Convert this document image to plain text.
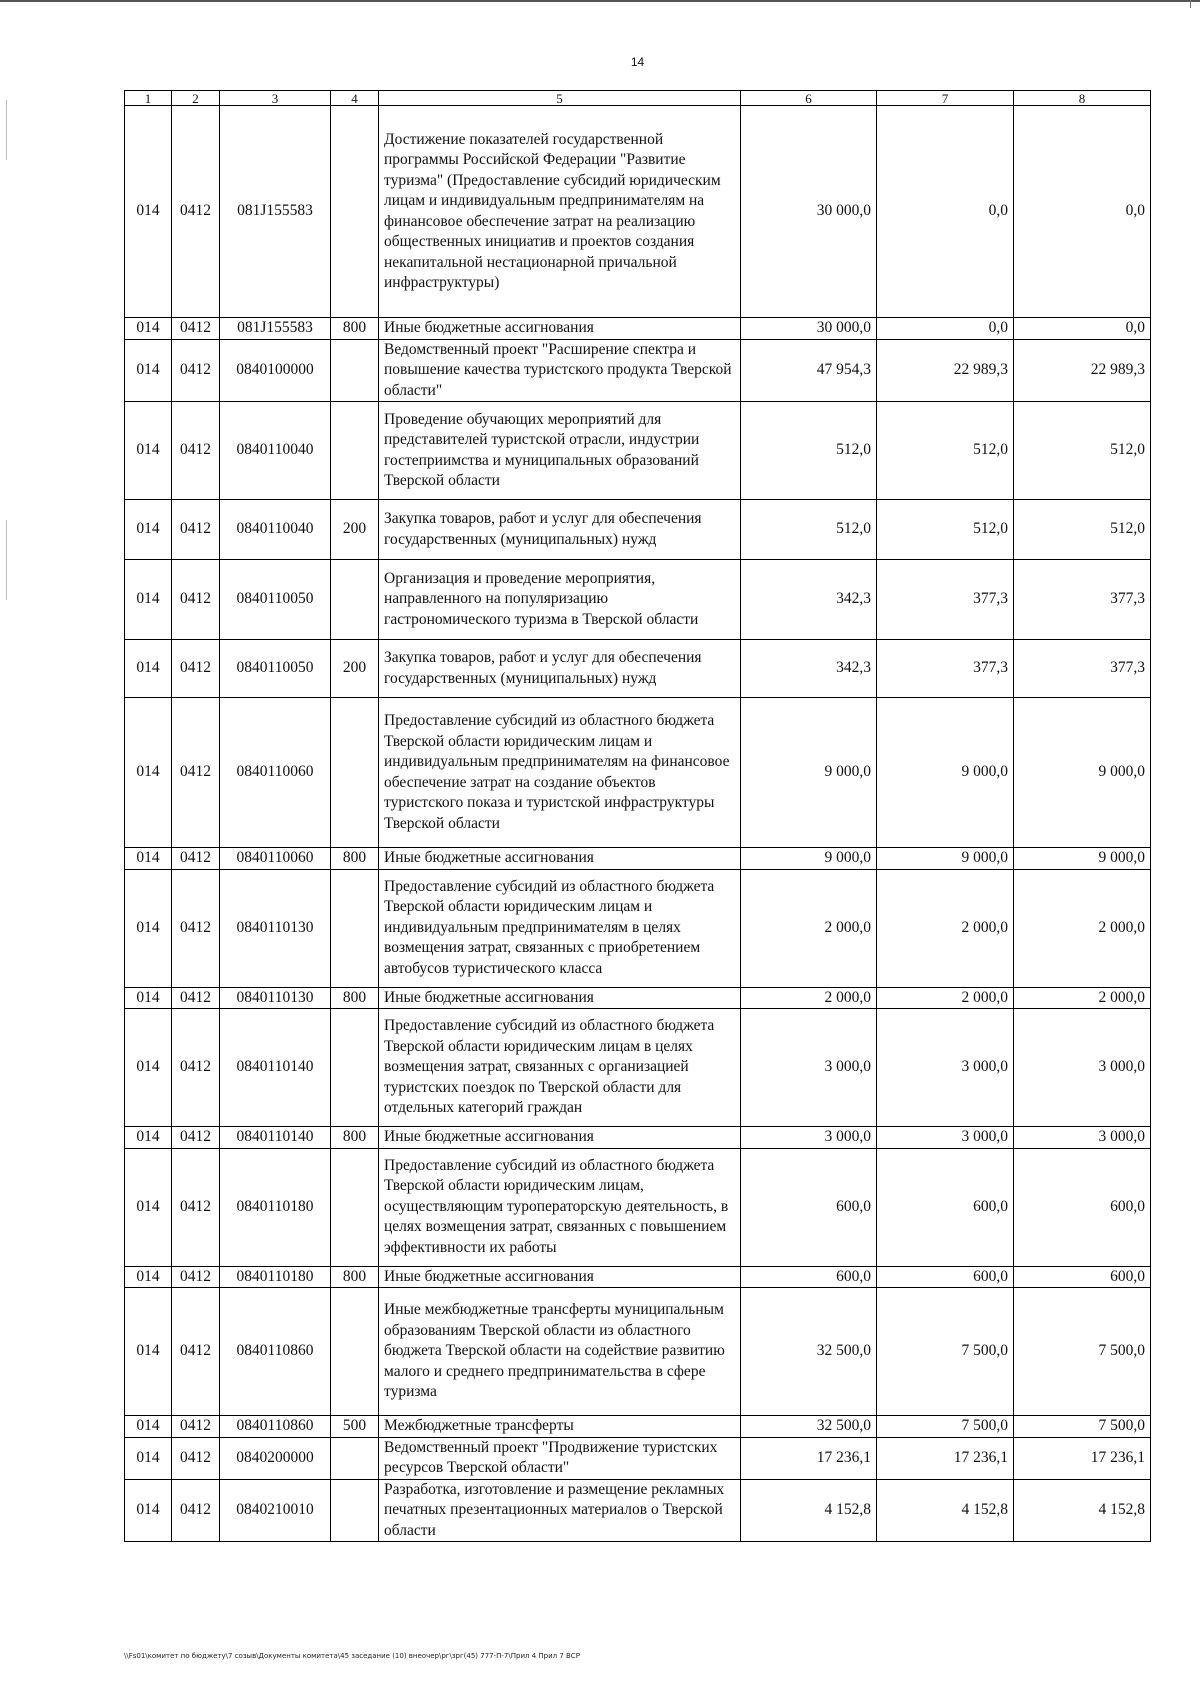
14
1	2	3	4	5	6	7	8
014	0412	081J155583		Достижение показателей государственной программы Российской Федерации "Развитие туризма" (Предоставление субсидий юридическим лицам и индивидуальным предпринимателям на финансовое обеспечение затрат на реализацию общественных инициатив и проектов создания некапитальной нестационарной причальной инфраструктуры)	30 000,0	0,0	0,0
014	0412	081J155583	800	Иные бюджетные ассигнования	30 000,0	0,0	0,0
014	0412	0840100000		Ведомственный проект "Расширение спектра и повышение качества туристского продукта Тверской области"	47 954,3	22 989,3	22 989,3
014	0412	0840110040		Проведение обучающих мероприятий для представителей туристской отрасли, индустрии гостеприимства и муниципальных образований Тверской области	512,0	512,0	512,0
014	0412	0840110040	200	Закупка товаров, работ и услуг для обеспечения государственных (муниципальных) нужд	512,0	512,0	512,0
014	0412	0840110050		Организация и проведение мероприятия, направленного на популяризацию гастрономического туризма в Тверской области	342,3	377,3	377,3
014	0412	0840110050	200	Закупка товаров, работ и услуг для обеспечения государственных (муниципальных) нужд	342,3	377,3	377,3
014	0412	0840110060		Предоставление субсидий из областного бюджета Тверской области юридическим лицам и индивидуальным предпринимателям на финансовое обеспечение затрат на создание объектов туристского показа и туристской инфраструктуры Тверской области	9 000,0	9 000,0	9 000,0
014	0412	0840110060	800	Иные бюджетные ассигнования	9 000,0	9 000,0	9 000,0
014	0412	0840110130		Предоставление субсидий из областного бюджета Тверской области юридическим лицам и индивидуальным предпринимателям в целях возмещения затрат, связанных с приобретением автобусов туристического класса	2 000,0	2 000,0	2 000,0
014	0412	0840110130	800	Иные бюджетные ассигнования	2 000,0	2 000,0	2 000,0
014	0412	0840110140		Предоставление субсидий из областного бюджета Тверской области юридическим лицам в целях возмещения затрат, связанных с организацией туристских поездок по Тверской области для отдельных категорий граждан	3 000,0	3 000,0	3 000,0
014	0412	0840110140	800	Иные бюджетные ассигнования	3 000,0	3 000,0	3 000,0
014	0412	0840110180		Предоставление субсидий из областного бюджета Тверской области юридическим лицам, осуществляющим туроператорскую деятельность, в целях возмещения затрат, связанных с повышением эффективности их работы	600,0	600,0	600,0
014	0412	0840110180	800	Иные бюджетные ассигнования	600,0	600,0	600,0
014	0412	0840110860		Иные межбюджетные трансферты муниципальным образованиям Тверской области из областного бюджета Тверской области на содействие развитию малого и среднего предпринимательства в сфере туризма	32 500,0	7 500,0	7 500,0
014	0412	0840110860	500	Межбюджетные трансферты	32 500,0	7 500,0	7 500,0
014	0412	0840200000		Ведомственный проект "Продвижение туристских ресурсов Тверской области"	17 236,1	17 236,1	17 236,1
014	0412	0840210010		Разработка, изготовление и размещение рекламных печатных презентационных материалов о Тверской области	4 152,8	4 152,8	4 152,8
\\Fs01\комитет по бюджету\7 созыв\Документы комитета\45 заседание (10) внеочер\рг\зрг(45) 777-П-7\Прил 4 Прил 7 ВСР
